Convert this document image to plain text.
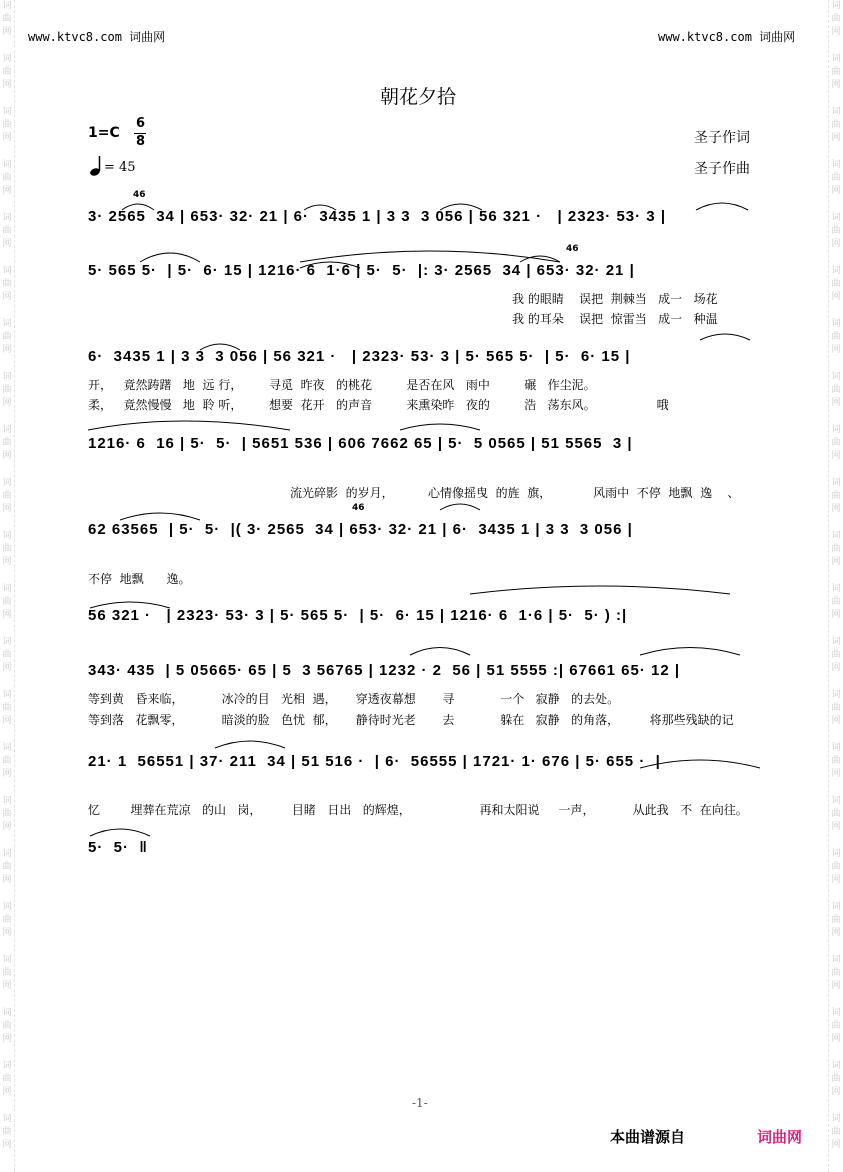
词
曲
网
词
曲
网
词
曲
网
词
曲
网
词
曲
网
词
曲
网
词
曲
网
词
曲
网
词
曲
网
词
曲
网
词
曲
网
词
曲
网
词
曲
网
词
曲
网
词
曲
网
词
曲
网
词
曲
网
词
曲
网
词
曲
网
词
曲
网
词
曲
网
词
曲
网
词
曲
网
词
曲
网
词
曲
网
词
曲
网
词
曲
网
词
曲
网
词
曲
网
词
曲
网
词
曲
网
词
曲
网
词
曲
网
词
曲
网
词
曲
网
词
曲
网
词
曲
网
词
曲
网
词
曲
网
词
曲
网
词
曲
网
词
曲
网
词
曲
网
词
曲
网
www.ktvc8.com 词曲网	www.ktvc8.com 词曲网
朝花夕拾
1=C
6
8
= 45
圣子作词
圣子作曲
46
3· 2565  34 | 653· 32· 21 | 6·  3435 1 | 3 3  3 056 | 56 321 ·   | 2323· 53· 3 |
5· 565 5·  | 5·  6· 15 | 1216· 6  1·6 | 5·  5·  |: 3· 2565  34 | 653· 32· 21 |
46
我 的眼睛    误把  荆棘当   成一   场花
我 的耳朵    误把  惊雷当   成一   种温
6·  3435 1 | 3 3  3 056 | 56 321 ·   | 2323· 53· 3 | 5· 565 5·  | 5·  6· 15 |
开，   竟然踌躇   地  远 行，       寻觅  昨夜   的桃花         是否在风   雨中         碾   作尘泥。
柔，   竟然慢慢   地  聆 听，       想要  花开   的声音         来熏染昨   夜的         浩   荡东风。                哦
1216· 6  16 | 5·  5·  | 5651 536 | 606 7662 65 | 5·  5 0565 | 51 5565  3 |
流光碎影  的岁月，         心情像摇曳  的旌  旗，           风雨中  不停  地飘  逸    、
46
62 63565  | 5·  5·  |( 3· 2565  34 | 653· 32· 21 | 6·  3435 1 | 3 3  3 056 |
不停  地飘      逸。
56 321 ·   | 2323· 53· 3 | 5· 565 5·  | 5·  6· 15 | 1216· 6  1·6 | 5·  5· ) :|
343· 435  | 5 05665· 65 | 5  3 56765 | 1232 · 2  56 | 51 5555 :| 67661 65· 12 |
等到黄   昏来临，          冰冷的目   光相  遇，     穿透夜幕想       寻            一个   寂静   的去处。
等到落   花飘零，          暗淡的脸   色忧  郁，     静待时光老       去            躲在   寂静   的角落，        将那些残缺的记
21· 1  56551 | 37· 211  34 | 51 516 ·  | 6·  56555 | 1721· 1· 676 | 5· 655 ·  |
忆        埋葬在荒凉   的山   岗，        目睹   日出   的辉煌，                  再和太阳说     一声，          从此我   不  在向往。
5·  5·  ‖
-1-
本曲谱源自	词曲网
